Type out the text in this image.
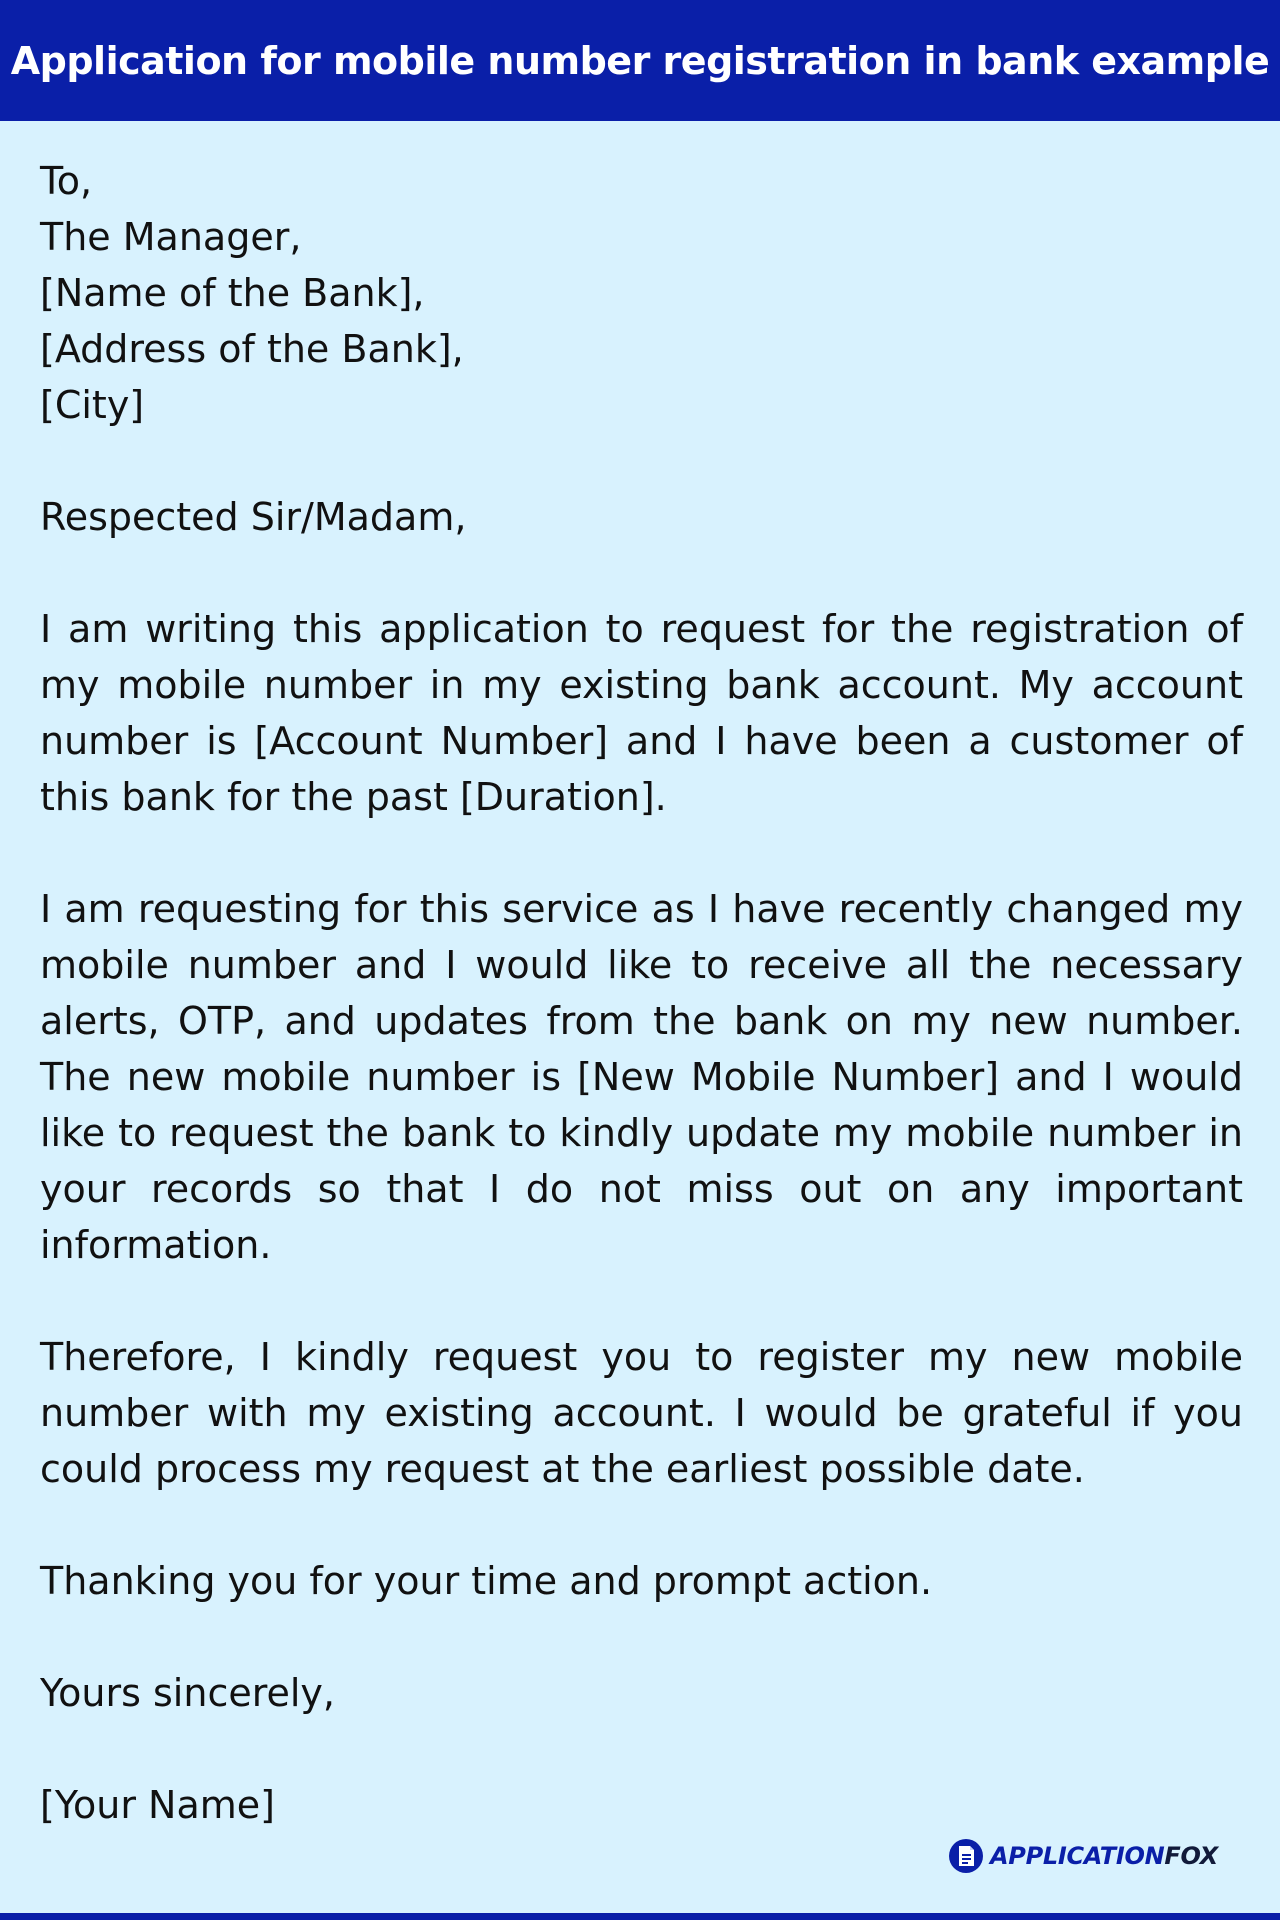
Application for mobile number registration in bank example
To,
The Manager,
[Name of the Bank],
[Address of the Bank],
[City]

Respected Sir/Madam,

I am writing this application to request for the registration of my mobile number in my existing bank account. My account number is [Account Number] and I have been a customer of this bank for the past [Duration].

I am requesting for this service as I have recently changed my mobile number and I would like to receive all the necessary alerts, OTP, and updates from the bank on my new number. The new mobile number is [New Mobile Number] and I would like to request the bank to kindly update my mobile number in your records so that I do not miss out on any important information.

Therefore, I kindly request you to register my new mobile number with my existing account. I would be grateful if you could process my request at the earliest possible date.

Thanking you for your time and prompt action.

Yours sincerely,

[Your Name]

APPLICATIONFOX
